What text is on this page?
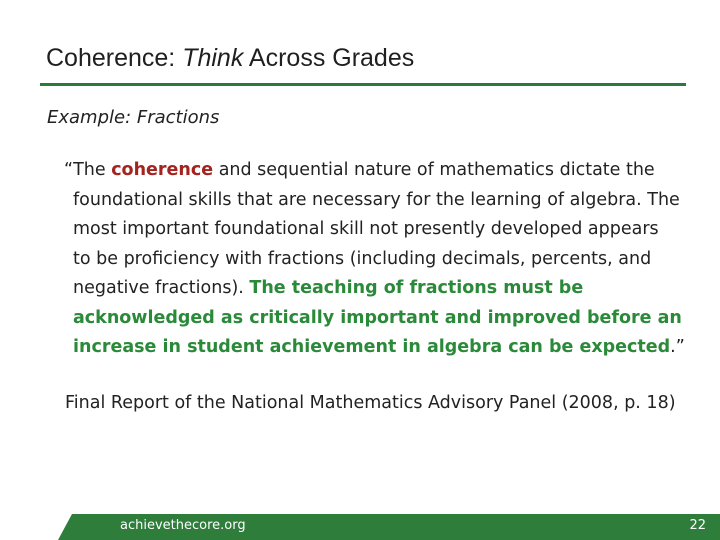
Coherence: Think Across Grades
Example: Fractions
“The coherence and sequential nature of mathematics dictate the
foundational skills that are necessary for the learning of algebra. The
most important foundational skill not presently developed appears
to be proficiency with fractions (including decimals, percents, and
negative fractions). The teaching of fractions must be
acknowledged as critically important and improved before an
increase in student achievement in algebra can be expected.”
Final Report of the National Mathematics Advisory Panel (2008, p. 18)
achievethecore.org	22
